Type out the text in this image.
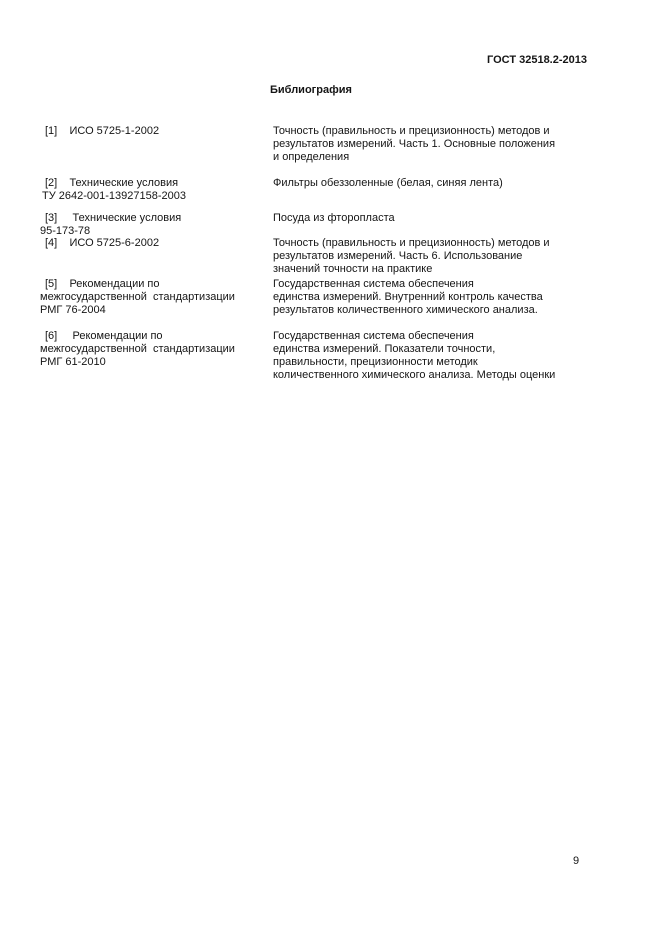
ГОСТ 32518.2-2013
Библиография
[1]    ИСО 5725-1-2002	Точность (правильность и прецизионность) методов и
результатов измерений. Часть 1. Основные положения
и определения
[2]    Технические условия
ТУ 2642-001-13927158-2003
Фильтры обеззоленные (белая, синяя лента)
[3]     Технические условия
95-173-78
Посуда из фторопласта
[4]    ИСО 5725-6-2002	Точность (правильность и прецизионность) методов и
результатов измерений. Часть 6. Использование
значений точности на практике
[5]    Рекомендации по
межгосударственной  стандартизации
РМГ 76-2004
Государственная система обеспечения
единства измерений. Внутренний контроль качества
результатов количественного химического анализа.
[6]     Рекомендации по
межгосударственной  стандартизации
РМГ 61-2010
Государственная система обеспечения
единства измерений. Показатели точности,
правильности, прецизионности методик
количественного химического анализа. Методы оценки
9
